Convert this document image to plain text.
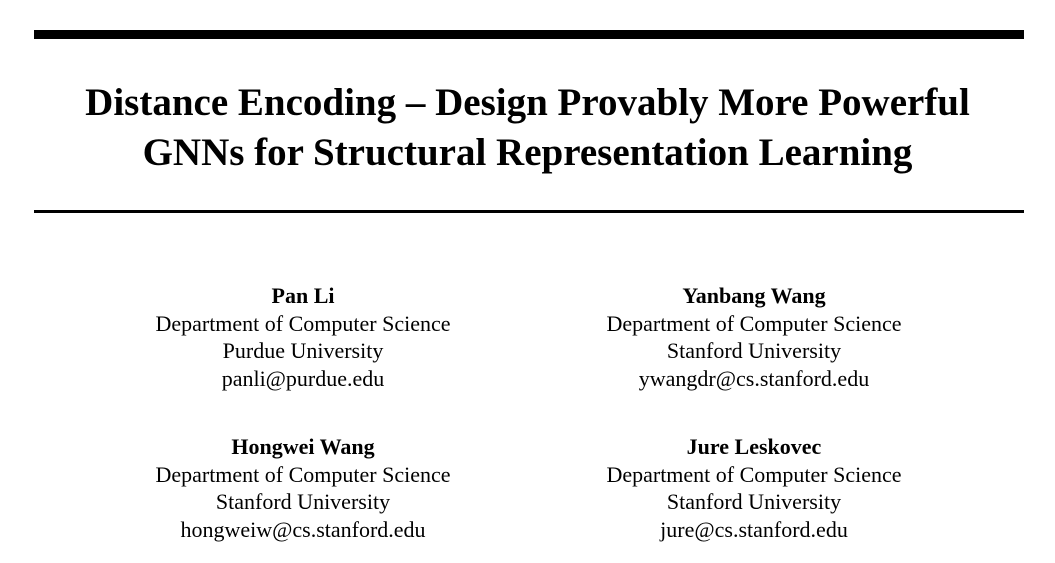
Distance Encoding – Design Provably More Powerful
GNNs for Structural Representation Learning
Pan Li
Department of Computer Science
Purdue University
panli@purdue.edu
Yanbang Wang
Department of Computer Science
Stanford University
ywangdr@cs.stanford.edu
Hongwei Wang
Department of Computer Science
Stanford University
hongweiw@cs.stanford.edu
Jure Leskovec
Department of Computer Science
Stanford University
jure@cs.stanford.edu
